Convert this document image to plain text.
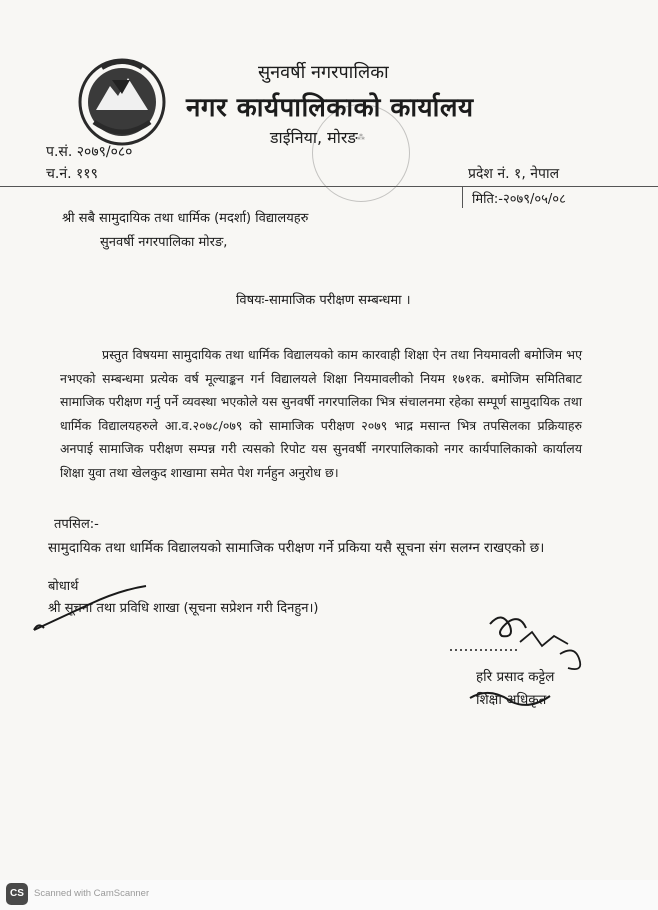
सुनवर्षी नगरपालिका
नगर कार्यपालिकाको कार्यालय
⁂
डाईनिया, मोरङ
प.सं. २०७९/०८०
च.नं. ११९	प्रदेश नं. १, नेपाल
मिति:-२०७९/०५/०८
श्री सबै सामुदायिक तथा धार्मिक (मदर्शा) विद्यालयहरु
सुनवर्षी नगरपालिका मोरङ,
विषयः-सामाजिक परीक्षण सम्बन्धमा ।
प्रस्तुत विषयमा सामुदायिक तथा धार्मिक विद्यालयको काम कारवाही शिक्षा ऐन तथा नियमावली बमोजिम भए नभएको सम्बन्धमा प्रत्येक वर्ष मूल्याङ्कन गर्न विद्यालयले शिक्षा नियमावलीको नियम १७१क. बमोजिम समितिबाट सामाजिक परीक्षण गर्नु पर्ने व्यवस्था भएकोले यस सुनवर्षी नगरपालिका भित्र संचालनमा रहेका सम्पूर्ण सामुदायिक तथा धार्मिक विद्यालयहरुले आ.व.२०७८/०७९ को सामाजिक परीक्षण २०७९ भाद्र मसान्त भित्र तपसिलका प्रक्रियाहरु अनपाई सामाजिक परीक्षण सम्पन्न गरी त्यसको रिपोट यस सुनवर्षी नगरपालिकाको नगर कार्यपालिकाको कार्यालय शिक्षा युवा तथा खेलकुद शाखामा समेत पेश गर्नहुन अनुरोध छ।
तपसिल:-
सामुदायिक तथा धार्मिक विद्यालयको सामाजिक परीक्षण गर्ने प्रकिया यसै सूचना संग सलग्न राखएको छ।
बोधार्थ
श्री सूचना तथा प्रविधि शाखा (सूचना सप्रेशन गरी दिनहुन।)
हरि प्रसाद कट्टेल
शिक्षा अधिकृत
CS	Scanned with CamScanner
